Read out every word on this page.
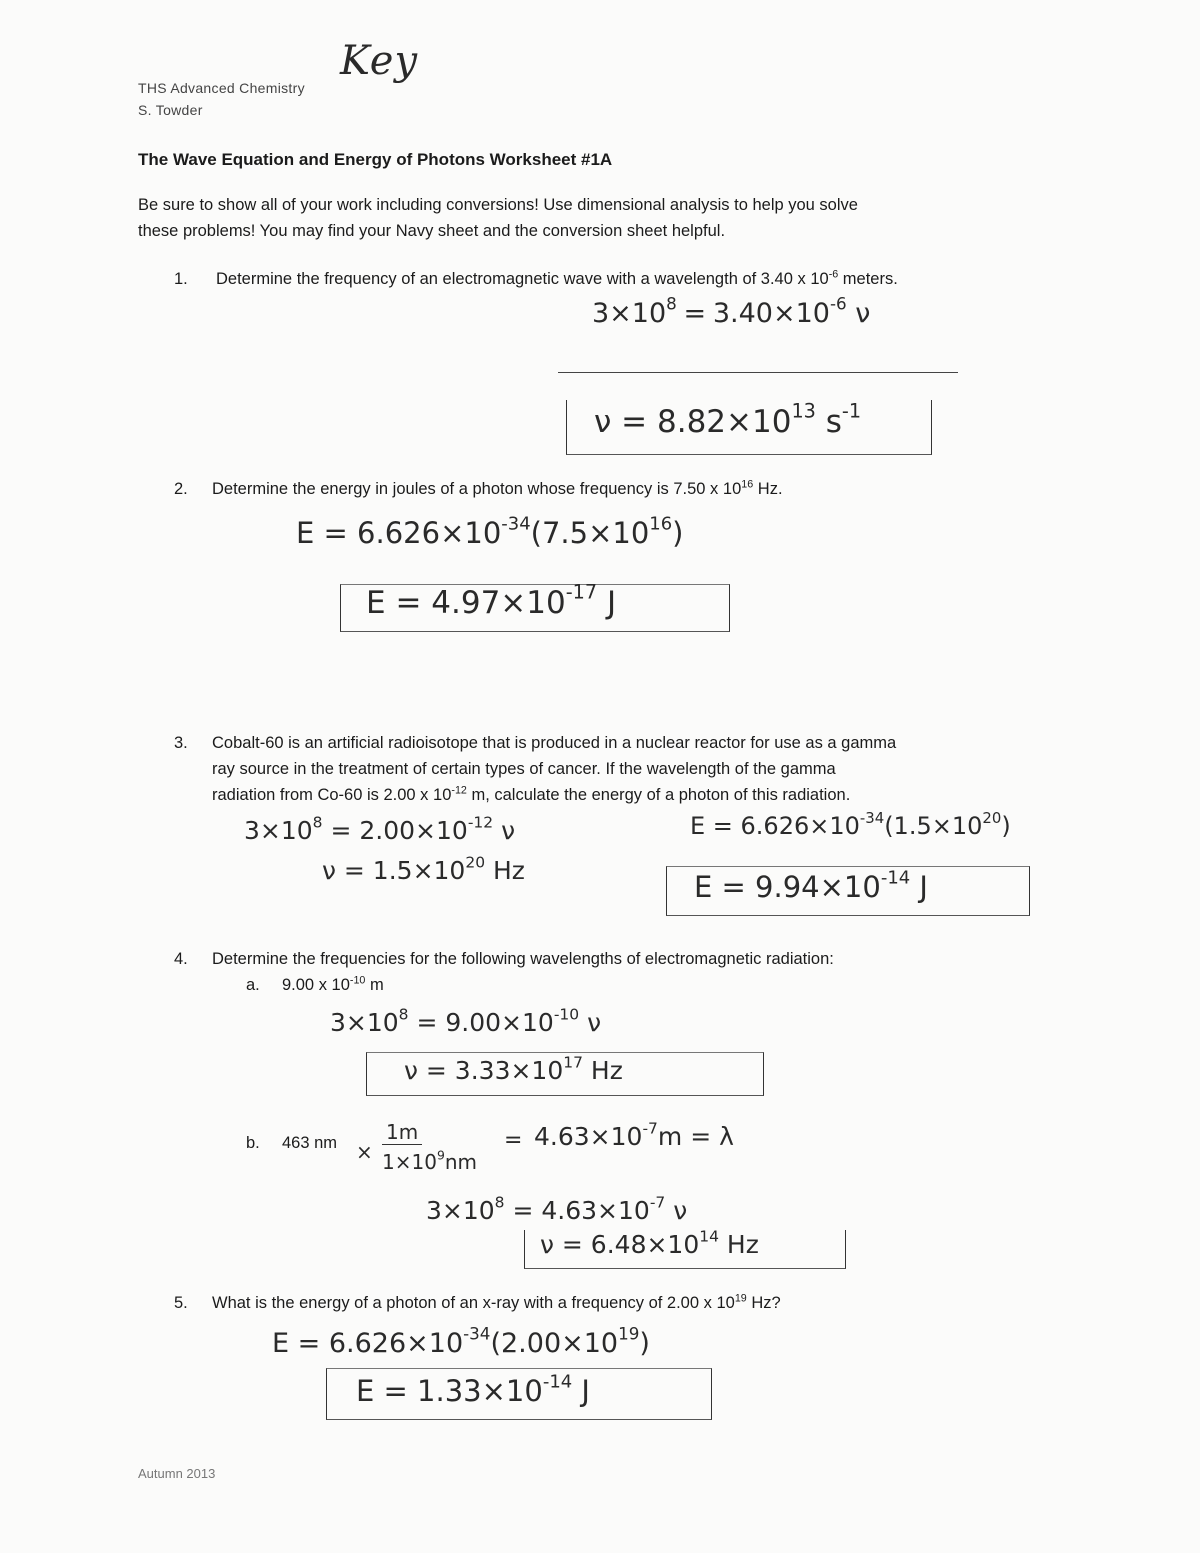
THS Advanced Chemistry
S. Towder
Key
The Wave Equation and Energy of Photons Worksheet #1A
Be sure to show all of your work including conversions! Use dimensional analysis to help you solve
these problems! You may find your Navy sheet and the conversion sheet helpful.
1. Determine the frequency of an electromagnetic wave with a wavelength of 3.40 x $10^{-6}$ meters.
$3\times 10^8 = 3.40\times 10^{-6}$ ν
$\nu = 8.82\times 10^{13}$ $s^{-1}$
2. Determine the energy in joules of a photon whose frequency is 7.50 x $10^{16}$ Hz.
$E = 6.626\times 10^{-34}(7.5\times 10^{16})$
$E = 4.97\times 10^{-17}$ J
3. Cobalt-60 is an artificial radioisotope that is produced in a nuclear reactor for use as a gamma
ray source in the treatment of certain types of cancer. If the wavelength of the gamma
radiation from Co-60 is 2.00 x $10^{-12}$ m, calculate the energy of a photon of this radiation.
$3\times 10^8 = 2.00\times 10^{-12}$ ν
$\nu = 1.5\times 10^{20}$ Hz
$E = 6.626\times 10^{-34}(1.5\times 10^{20})$
$E = 9.94\times 10^{-14}$ J
4. Determine the frequencies for the following wavelengths of electromagnetic radiation:
a. 9.00 x $10^{-10}$ m
$3\times 10^8 = 9.00\times 10^{-10}$ ν
$\nu = 3.33\times 10^{17}$ Hz
b. 463 nm ×
1m
$1\times 10^9nm$
= $4.63\times 10^{-7}m = \lambda$
$3\times 10^8 = 4.63\times 10^{-7}$ ν
$\nu = 6.48\times 10^{14}$ Hz
5. What is the energy of a photon of an x-ray with a frequency of 2.00 x $10^{19}$ Hz?
$E = 6.626\times 10^{-34}(2.00\times 10^{19})$
$E = 1.33\times 10^{-14}$ J
Autumn 2013
